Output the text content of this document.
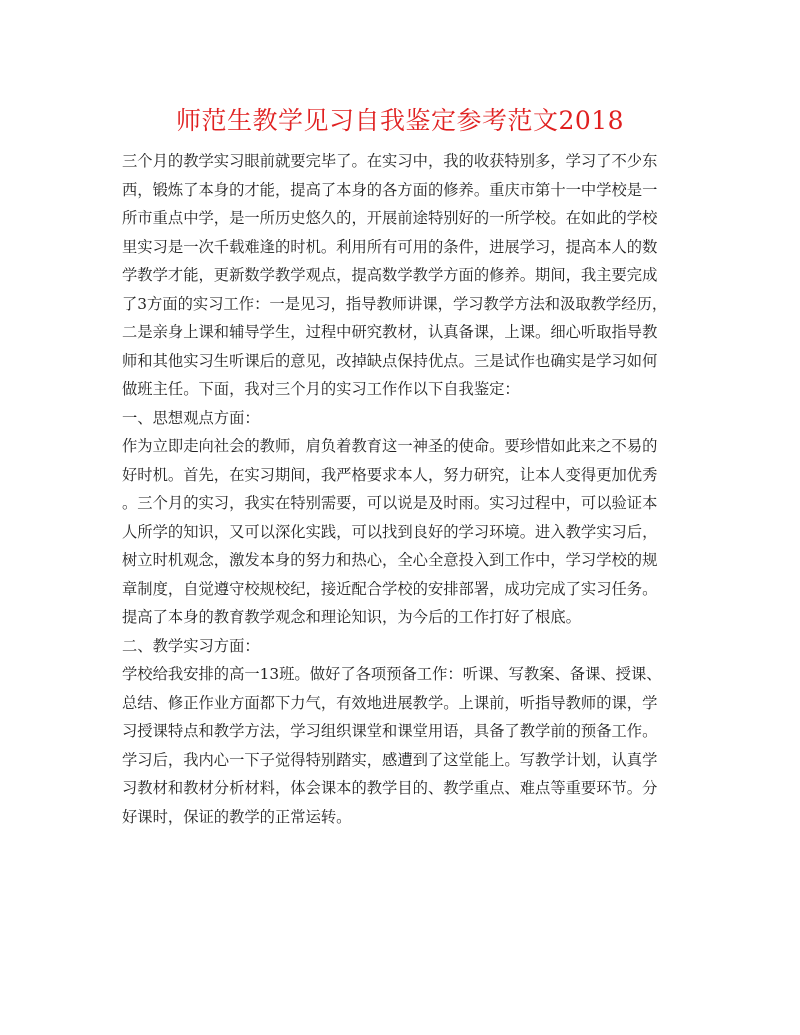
师范生教学见习自我鉴定参考范文2018
三个月的教学实习眼前就要完毕了。在实习中，我的收获特别多，学习了不少东
西，锻炼了本身的才能，提高了本身的各方面的修养。重庆市第十一中学校是一
所市重点中学，是一所历史悠久的，开展前途特别好的一所学校。在如此的学校
里实习是一次千载难逢的时机。利用所有可用的条件，进展学习，提高本人的数
学教学才能，更新数学教学观点，提高数学教学方面的修养。期间，我主要完成
了3方面的实习工作：一是见习，指导教师讲课，学习教学方法和汲取教学经历，
二是亲身上课和辅导学生，过程中研究教材，认真备课，上课。细心听取指导教
师和其他实习生听课后的意见，改掉缺点保持优点。三是试作也确实是学习如何
做班主任。下面，我对三个月的实习工作作以下自我鉴定：
一、思想观点方面：
作为立即走向社会的教师，肩负着教育这一神圣的使命。要珍惜如此来之不易的
好时机。首先，在实习期间，我严格要求本人，努力研究，让本人变得更加优秀
。三个月的实习，我实在特别需要，可以说是及时雨。实习过程中，可以验证本
人所学的知识，又可以深化实践，可以找到良好的学习环境。进入教学实习后，
树立时机观念，激发本身的努力和热心，全心全意投入到工作中，学习学校的规
章制度，自觉遵守校规校纪，接近配合学校的安排部署，成功完成了实习任务。
提高了本身的教育教学观念和理论知识，为今后的工作打好了根底。
二、教学实习方面：
学校给我安排的高一13班。做好了各项预备工作：听课、写教案、备课、授课、
总结、修正作业方面都下力气，有效地进展教学。上课前，听指导教师的课，学
习授课特点和教学方法，学习组织课堂和课堂用语，具备了教学前的预备工作。
学习后，我内心一下子觉得特别踏实，感遭到了这堂能上。写教学计划，认真学
习教材和教材分析材料，体会课本的教学目的、教学重点、难点等重要环节。分
好课时，保证的教学的正常运转。
